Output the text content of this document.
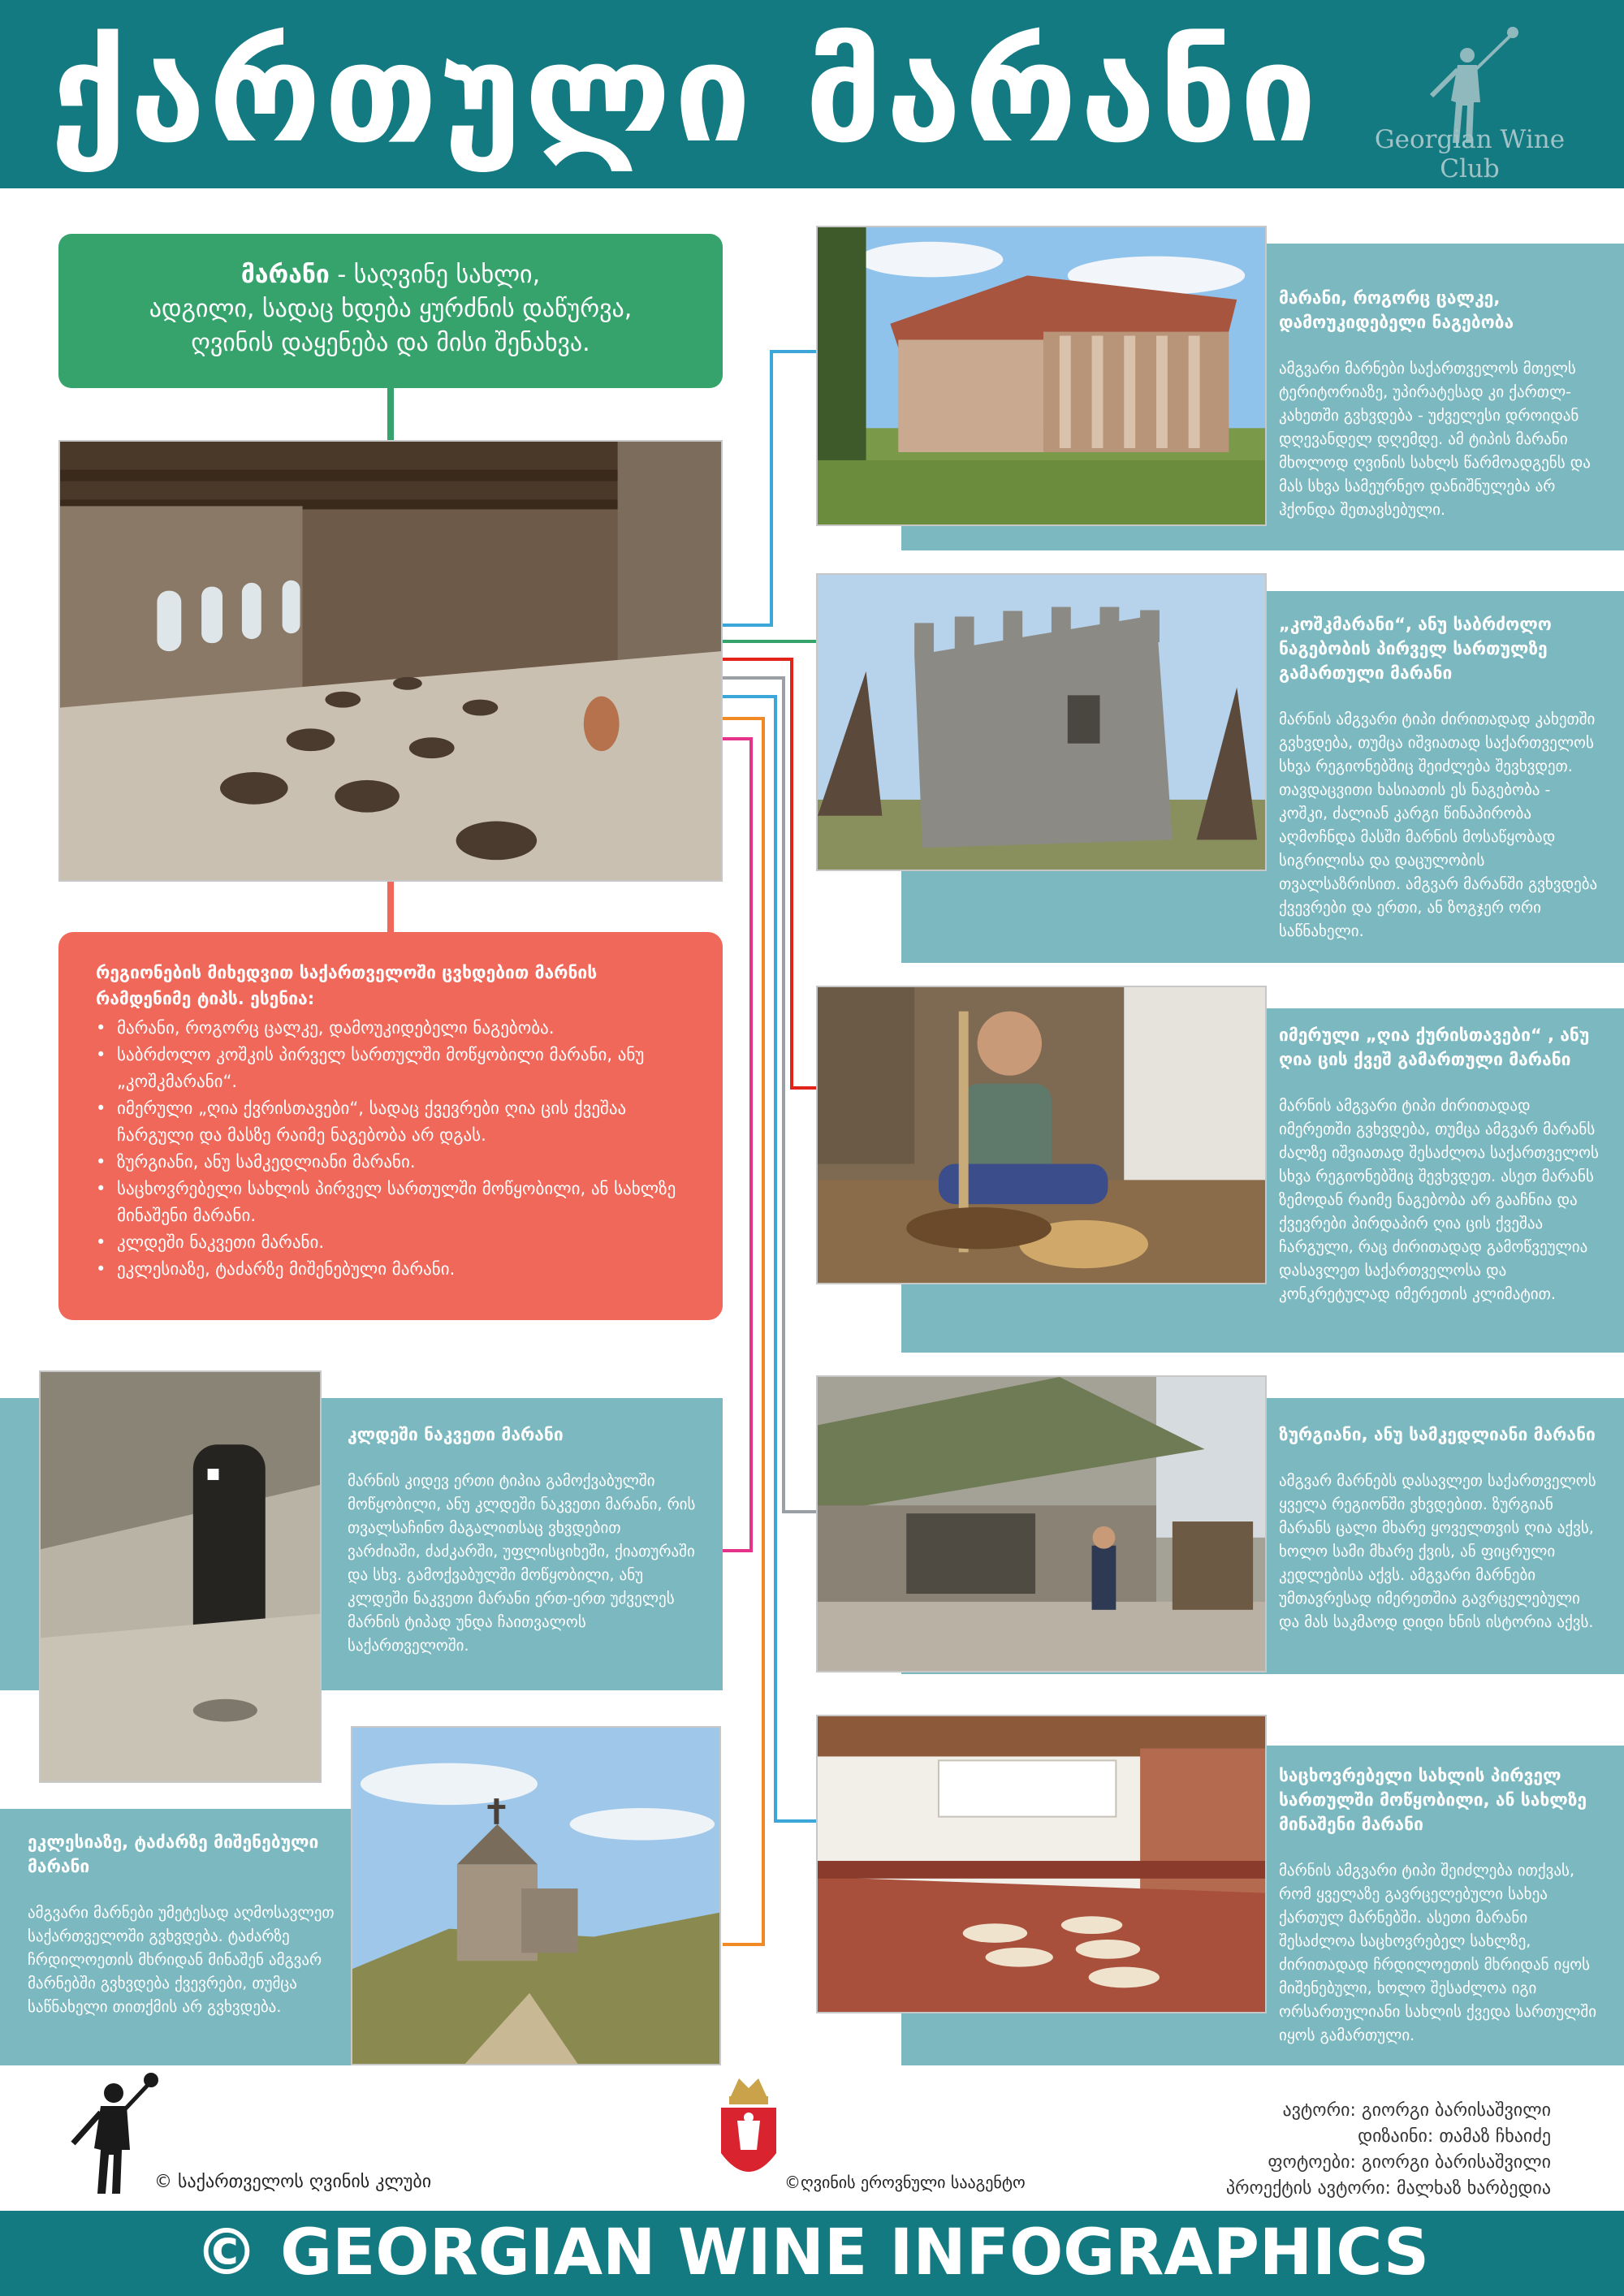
ქართული მარანი	Georgian Wine Club
მარანი - საღვინე სახლი,
ადგილი, სადაც ხდება ყურძნის დაწურვა,
ღვინის დაყენება და მისი შენახვა.
რეგიონების მიხედვით საქართველოში ცვხდებით მარნის რამდენიმე ტიპს. ესენია:
• მარანი, როგორც ცალკე, დამოუკიდებელი ნაგებობა.
• საბრძოლო კოშკის პირველ სართულში მოწყობილი მარანი, ანუ „კოშკმარანი“.
• იმერული „ღია ქვრისთავები“, სადაც ქვევრები ღია ცის ქვეშაა ჩარგული და მასზე რაიმე ნაგებობა არ დგას.
• ზურგიანი, ანუ სამკედლიანი მარანი.
• საცხოვრებელი სახლის პირველ სართულში მოწყობილი, ან სახლზე მინაშენი მარანი.
• კლდეში ნაკვეთი მარანი.
• ეკლესიაზე, ტაძარზე მიშენებული მარანი.
მარანი, როგორც ცალკე, დამოუკიდებელი ნაგებობა
ამგვარი მარნები საქართველოს მთელს ტერიტორიაზე, უპირატესად კი ქართლ-კახეთში გვხვდება - უძველესი დროიდან დღევანდელ დღემდე. ამ ტიპის მარანი მხოლოდ ღვინის სახლს წარმოადგენს და მას სხვა სამეურნეო დანიშნულება არ ჰქონდა შეთავსებული.
„კოშკმარანი“, ანუ საბრძოლო ნაგებობის პირველ სართულზე გამართული მარანი
მარნის ამგვარი ტიპი ძირითადად კახეთში გვხვდება, თუმცა იშვიათად საქართველოს სხვა რეგიონებშიც შეიძლება შევხვდეთ. თავდაცვითი ხასიათის ეს ნაგებობა - კოშკი, ძალიან კარგი წინაპირობა აღმოჩნდა მასში მარნის მოსაწყობად სიგრილისა და დაცულობის თვალსაზრისით. ამგვარ მარანში გვხვდება ქვევრები და ერთი, ან ზოგჯერ ორი საწნახელი.
იმერული „ღია ქურისთავები“ , ანუ ღია ცის ქვეშ გამართული მარანი
მარნის ამგვარი ტიპი ძირითადად იმერეთში გვხვდება, თუმცა ამგვარ მარანს ძალზე იშვიათად შესაძლოა საქართველოს სხვა რეგიონებშიც შევხვდეთ. ასეთ მარანს ზემოდან რაიმე ნაგებობა არ გააჩნია და ქვევრები პირდაპირ ღია ცის ქვეშაა ჩარგული, რაც ძირითადად გამოწვეულია დასავლეთ საქართველოსა და კონკრეტულად იმერეთის კლიმატით.
ზურგიანი, ანუ სამკედლიანი მარანი
ამგვარ მარნებს დასავლეთ საქართველოს ყველა რეგიონში ვხვდებით. ზურგიან მარანს ცალი მხარე ყოველთვის ღია აქვს, ხოლო სამი მხარე ქვის, ან ფიცრული კედლებისა აქვს. ამგვარი მარნები უმთავრესად იმერეთშია გავრცელებული და მას საკმაოდ დიდი ხნის ისტორია აქვს.
საცხოვრებელი სახლის პირველ სართულში მოწყობილი, ან სახლზე მინაშენი მარანი
მარნის ამგვარი ტიპი შეიძლება ითქვას, რომ ყველაზე გავრცელებული სახეა ქართულ მარნებში. ასეთი მარანი შესაძლოა საცხოვრებელ სახლზე, ძირითადად ჩრდილოეთის მხრიდან იყოს მიშენებული, ხოლო შესაძლოა იგი ორსართულიანი სახლის ქვედა სართულში იყოს გამართული.
კლდეში ნაკვეთი მარანი
მარნის კიდევ ერთი ტიპია გამოქვაბულში მოწყობილი, ანუ კლდეში ნაკვეთი მარანი, რის თვალსაჩინო მაგალითსაც ვხვდებით ვარძიაში, ძაძკარში, უფლისციხეში, ქიათურაში და სხვ. გამოქვაბულში მოწყობილი, ანუ კლდეში ნაკვეთი მარანი ერთ-ერთ უძველეს მარნის ტიპად უნდა ჩაითვალოს საქართველოში.
ეკლესიაზე, ტაძარზე მიშენებული მარანი
ამგვარი მარნები უმეტესად აღმოსავლეთ საქართველოში გვხვდება. ტაძარზე ჩრდილოეთის მხრიდან მინაშენ ამგვარ მარნებში გვხვდება ქვევრები, თუმცა საწნახელი თითქმის არ გვხვდება.
© საქართველოს ღვინის კლუბი	©ღვინის ეროვნული სააგენტო
ავტორი: გიორგი ბარისაშვილი
დიზაინი: თამაზ ჩხაიძე
ფოტოები: გიორგი ბარისაშვილი
პროექტის ავტორი: მალხაზ ხარბედია
© GEORGIAN WINE INFOGRAPHICS
